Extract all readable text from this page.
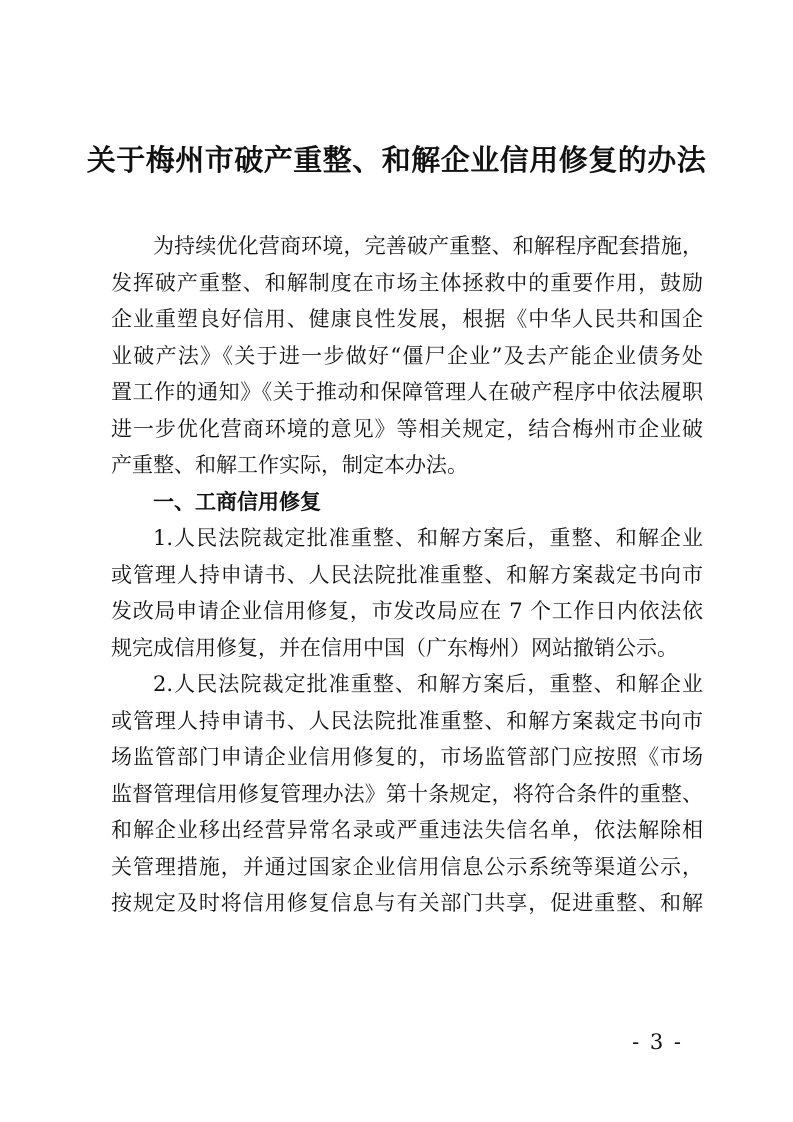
关于梅州市破产重整、和解企业信用修复的办法
为持续优化营商环境，完善破产重整、和解程序配套措施，
发挥破产重整、和解制度在市场主体拯救中的重要作用，鼓励
企业重塑良好信用、健康良性发展，根据《中华人民共和国企
业破产法》《关于进一步做好“僵尸企业”及去产能企业债务处
置工作的通知》《关于推动和保障管理人在破产程序中依法履职
进一步优化营商环境的意见》等相关规定，结合梅州市企业破
产重整、和解工作实际，制定本办法。
一、工商信用修复
1.人民法院裁定批准重整、和解方案后，重整、和解企业
或管理人持申请书、人民法院批准重整、和解方案裁定书向市
发改局申请企业信用修复，市发改局应在 7 个工作日内依法依
规完成信用修复，并在信用中国（广东梅州）网站撤销公示。
2.人民法院裁定批准重整、和解方案后，重整、和解企业
或管理人持申请书、人民法院批准重整、和解方案裁定书向市
场监管部门申请企业信用修复的，市场监管部门应按照《市场
监督管理信用修复管理办法》第十条规定，将符合条件的重整、
和解企业移出经营异常名录或严重违法失信名单，依法解除相
关管理措施，并通过国家企业信用信息公示系统等渠道公示，
按规定及时将信用修复信息与有关部门共享，促进重整、和解
- 3 -
